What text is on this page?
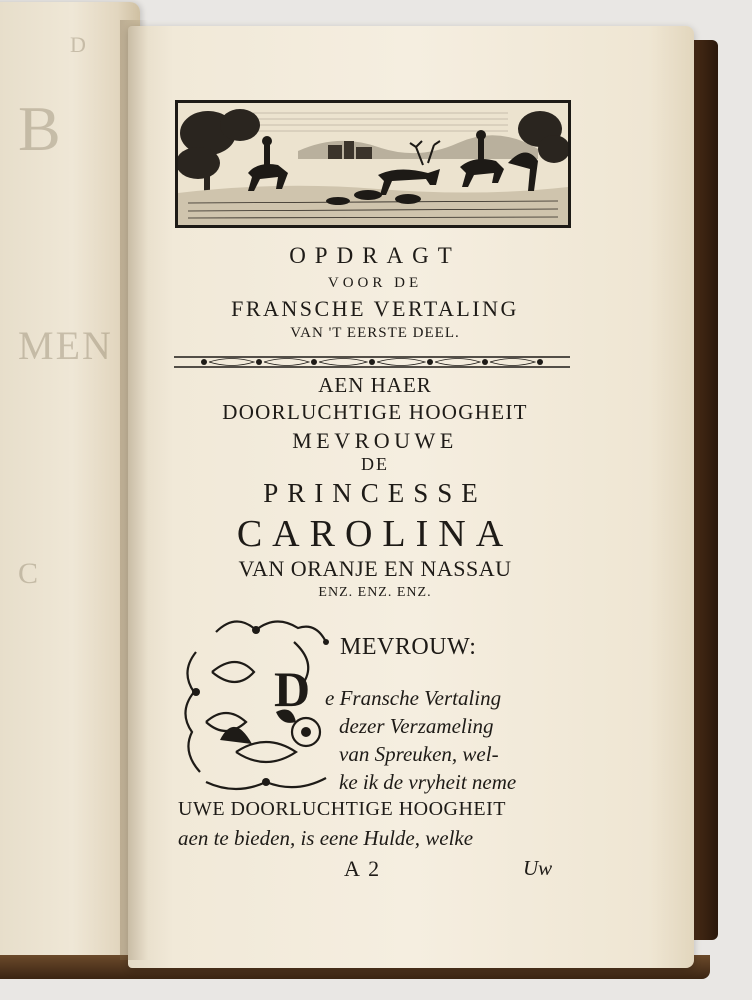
D
B
MEN
C
OPDRAGT
VOOR DE
FRANSCHE VERTALING
VAN 'T EERSTE DEEL.
AEN HAER
DOORLUCHTIGE HOOGHEIT
MEVROUWE
DE
PRINCESSE
CAROLINA
VAN ORANJE EN NASSAU
ENZ. ENZ. ENZ.
D
MEVROUW:
e Fransche Vertaling
dezer Verzameling
van Spreuken, wel-
ke ik de vryheit neme
UWE DOORLUCHTIGE HOOGHEIT
aen te bieden, is eene Hulde, welke
A 2	Uw
